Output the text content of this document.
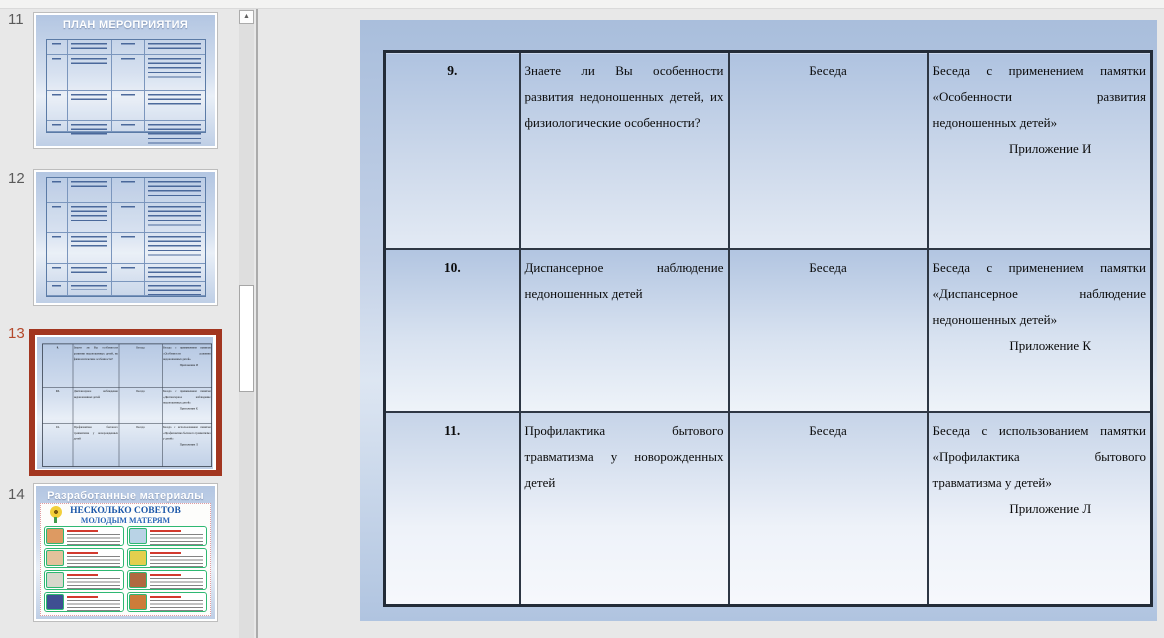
11	ПЛАН МЕРОПРИЯТИЯ
12
13
9.	Знаете ли Вы особенности развития недоношенных детей, их физиологические особенности?	Беседа	Беседа с применением памятки «Особенности развития недоношенных детей»
Приложение И

10.	Диспансерное наблюдение недоношенных детей	Беседа	Беседа с применением памятки «Диспансерное наблюдение недоношенных детей»
Приложение К

11.	Профилактика бытового травматизма у новорожденных детей	Беседа	Беседа с использованием памятки «Профилактика бытового травматизма у детей»
Приложение Л
14	Разработанные материалы
НЕСКОЛЬКО СОВЕТОВ
МОЛОДЫМ МАТЕРЯМ
▲
9.	Знаете ли Вы особенности развития недоношенных детей, их физиологические особенности?	Беседа	Беседа с применением памятки «Особенности развития недоношенных детей»
Приложение И

10.	Диспансерное наблюдение недоношенных детей	Беседа	Беседа с применением памятки «Диспансерное наблюдение недоношенных детей»
Приложение К

11.	Профилактика бытового травматизма у новорожденных детей	Беседа	Беседа с использованием памятки «Профилактика бытового травматизма у детей»
Приложение Л
